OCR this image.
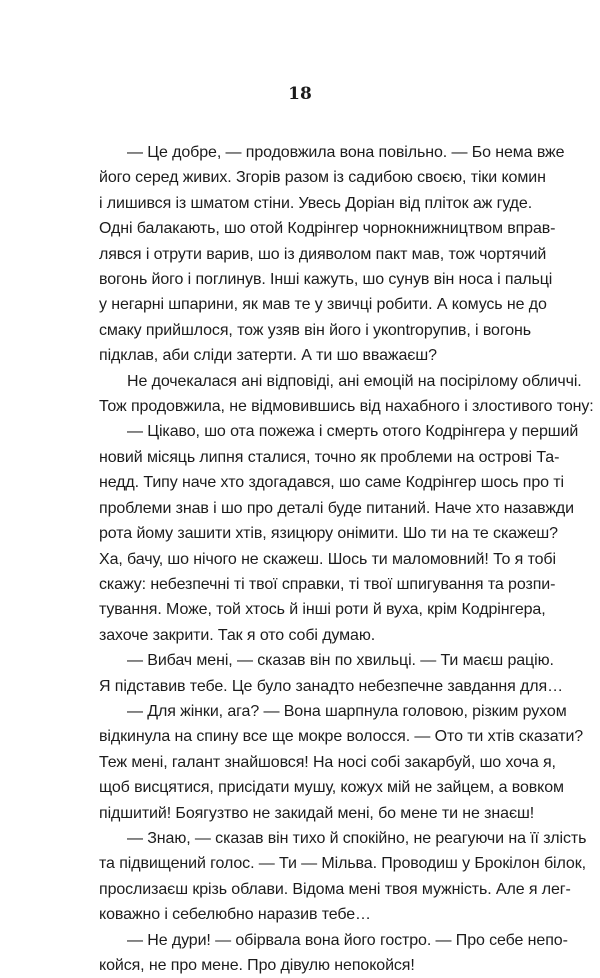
18
— Це добре, — продовжила вона повільно. — Бо нема вже
його серед живих. Згорів разом із садибою своєю, тіки комин
і лишився із шматом стіни. Увесь Доріан від пліток аж гуде.
Одні балакають, шо отой Кодрінгер чорнокнижництвом вправ-
лявся і отрути варив, шо із дияволом пакт мав, тож чортячий
вогонь його і поглинув. Інші кажуть, шо сунув він носа і пальці
у негарні шпарини, як мав те у звичці робити. А комусь не до
смаку прийшлося, тож узяв він його і укontropупив, і вогонь
підклав, аби сліди затерти. А ти шо вважаєш?
Не дочекалася ані відповіді, ані емоцій на посірілому обличчі.
Тож продовжила, не відмовившись від нахабного і злостивого тону:
— Цікаво, шо ота пожежа і смерть отого Кодрінгера у перший
новий місяць липня сталися, точно як проблеми на острові Та-
недд. Типу наче хто здогадався, шо саме Кодрінгер шось про ті
проблеми знав і шо про деталі буде питаний. Наче хто назавжди
рота йому зашити хтів, язицюру онімити. Шо ти на те скажеш?
Ха, бачу, шо нічого не скажеш. Шось ти маломовний! То я тобі
скажу: небезпечні ті твої справки, ті твої шпигування та розпи-
тування. Може, той хтось й інші роти й вуха, крім Кодрінгера,
захоче закрити. Так я ото собі думаю.
— Вибач мені, — сказав він по хвильці. — Ти маєш рацію.
Я підставив тебе. Це було занадто небезпечне завдання для…
— Для жінки, ага? — Вона шарпнула головою, різким рухом
відкинула на спину все ще мокре волосся. — Ото ти хтів сказати?
Теж мені, галант знайшовся! На носі собі закарбуй, шо хоча я,
щоб висцятися, присідати мушу, кожух мій не зайцем, а вовком
підшитий! Боягузтво не закидай мені, бо мене ти не знаєш!
— Знаю, — сказав він тихо й спокійно, не реагуючи на її злість
та підвищений голос. — Ти — Мільва. Проводиш у Брокілон білок,
прослизаєш крізь облави. Відома мені твоя мужність. Але я лег-
коважно і себелюбно наразив тебе…
— Не дури! — обірвала вона його гостро. — Про себе непо-
койся, не про мене. Про дівулю непокойся!
